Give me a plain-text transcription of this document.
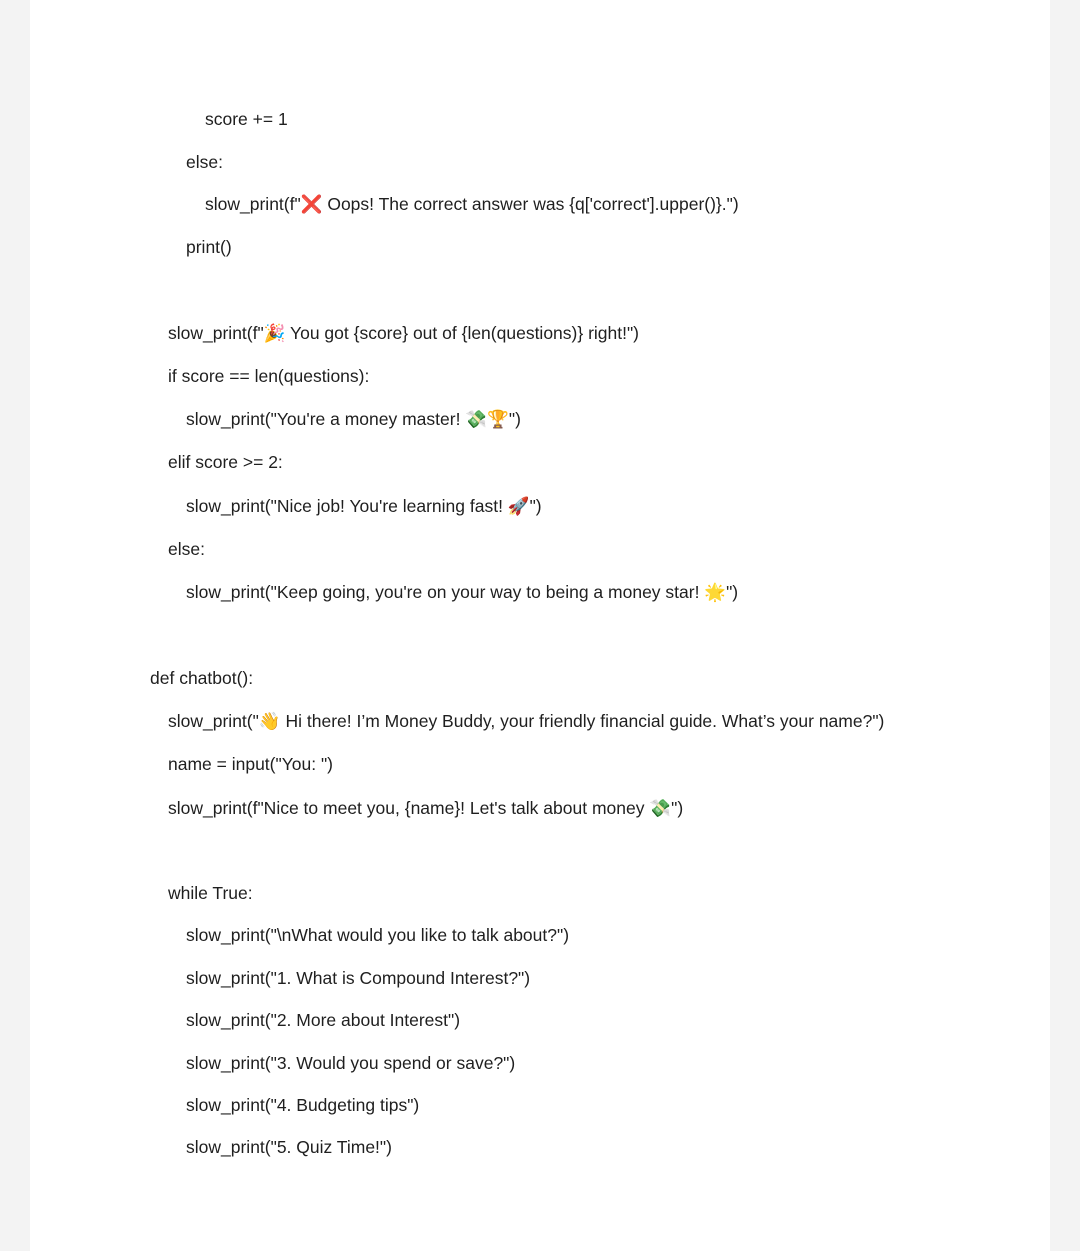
score += 1
else:
slow_print(f"❌ Oops! The correct answer was {q['correct'].upper()}.")
print()
slow_print(f"🎉 You got {score} out of {len(questions)} right!")
if score == len(questions):
slow_print("You're a money master! 💸🏆")
elif score >= 2:
slow_print("Nice job! You're learning fast! 🚀")
else:
slow_print("Keep going, you're on your way to being a money star! 🌟")
def chatbot():
slow_print("👋 Hi there! I’m Money Buddy, your friendly financial guide. What’s your name?")
name = input("You: ")
slow_print(f"Nice to meet you, {name}! Let's talk about money 💸")
while True:
slow_print("\nWhat would you like to talk about?")
slow_print("1. What is Compound Interest?")
slow_print("2. More about Interest")
slow_print("3. Would you spend or save?")
slow_print("4. Budgeting tips")
slow_print("5. Quiz Time!")
